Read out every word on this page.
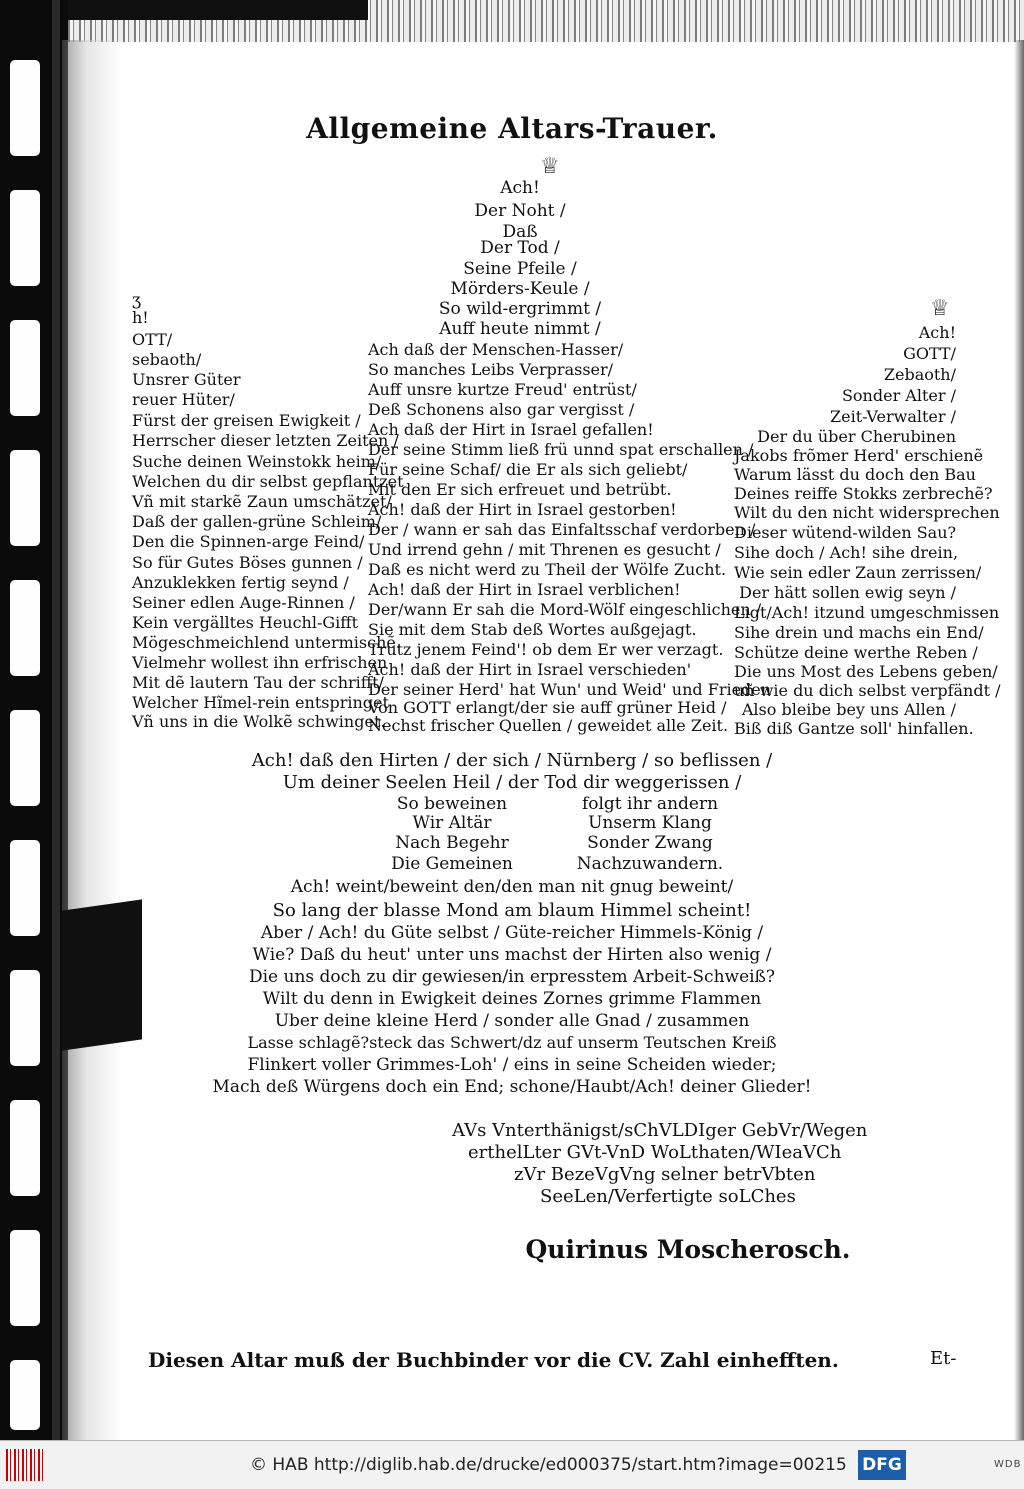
Allgemeine Altars-Trauer.
♕
♕
Ach!
Der Noht /
Daß
Der Tod /
Seine Pfeile /
Mörders-Keule /
So wild-ergrimmt /
Auff heute nimmt /
ʒ
h!
OTT/
sebaoth/
Unsrer Güter
reuer Hüter/
Fürst der greisen Ewigkeit /
Herrscher dieser letzten Zeiten /
Suche deinen Weinstokk heim/
Welchen du dir selbst gepflantzet
Vñ mit starkẽ Zaun umschätzet/
Daß der gallen-grüne Schleim/
Den die Spinnen-arge Feind/
So für Gutes Böses gunnen /
Anzuklekken fertig seynd /
Seiner edlen Auge-Rinnen /
Kein vergälltes Heuchl-Gifft
Mögeschmeichlend untermischẽ.
Vielmehr wollest ihn erfrischen
Mit dẽ lautern Tau der schrifft/
Welcher Hĩmel-rein entspringet
Vñ uns in die Wolkẽ schwinget.
Ach daß der Menschen-Hasser/
So manches Leibs Verprasser/
Auff unsre kurtze Freud' entrüst/
Deß Schonens also gar vergisst /
Ach daß der Hirt in Israel gefallen!
Der seine Stimm ließ frü unnd spat erschallen /
Für seine Schaf/ die Er als sich geliebt/
Mit den Er sich erfreuet und betrübt.
Ach! daß der Hirt in Israel gestorben!
Der / wann er sah das Einfaltsschaf verdorben /
Und irrend gehn / mit Threnen es gesucht /
Daß es nicht werd zu Theil der Wölfe Zucht.
Ach! daß der Hirt in Israel verblichen!
Der/wann Er sah die Mord-Wölf eingeschlichen /
Sie mit dem Stab deß Wortes außgejagt.
Trutz jenem Feind'! ob dem Er wer verzagt.
Ach! daß der Hirt in Israel verschieden'
Der seiner Herd' hat Wun' und Weid' und Frieden
Von GOTT erlangt/der sie auff grüner Heid /
Nechst frischer Quellen / geweidet alle Zeit.
Ach!
GOTT/
Zebaoth/
Sonder Alter /
Zeit-Verwalter /
Der du über Cherubinen
Jakobs frõmer Herd' erschienẽ
Warum lässt du doch den Bau
Deines reiffe Stokks zerbrechẽ?
Wilt du den nicht widersprechen
Dieser wütend-wilden Sau?
Sihe doch / Ach! sihe drein,
Wie sein edler Zaun zerrissen/
Der hätt sollen ewig seyn /
Ligt/Ach! itzund umgeschmissen
Sihe drein und machs ein End/
Schütze deine werthe Reben /
Die uns Most des Lebens geben/
uñ wie du dich selbst verpfändt /
Also bleibe bey uns Allen /
Biß diß Gantze soll' hinfallen.
Ach! daß den Hirten / der sich / Nürnberg / so beflissen /
Um deiner Seelen Heil / der Tod dir weggerissen /
So beweinen	folgt ihr andern
Wir Altär	Unserm Klang
Nach Begehr	Sonder Zwang
Die Gemeinen	Nachzuwandern.
Ach! weint/beweint den/den man nit gnug beweint/
So lang der blasse Mond am blaum Himmel scheint!
Aber / Ach! du Güte selbst / Güte-reicher Himmels-König /
Wie? Daß du heut' unter uns machst der Hirten also wenig /
Die uns doch zu dir gewiesen/in erpresstem Arbeit-Schweiß?
Wilt du denn in Ewigkeit deines Zornes grimme Flammen
Uber deine kleine Herd / sonder alle Gnad / zusammen
Lasse schlagẽ?steck das Schwert/dz auf unserm Teutschen Kreiß
Flinkert voller Grimmes-Loh' / eins in seine Scheiden wieder;
Mach deß Würgens doch ein End; schone/Haubt/Ach! deiner Glieder!
AVs Vnterthänigst/sChVLDIger GebVr/Wegen
erthelLter GVt-VnD WoLthaten/WIeaVCh
zVr BezeVgVng selner betrVbten
SeeLen/Verfertigte soLChes
Quirinus Moscherosch.
Diesen Altar muß der Buchbinder vor die CV. Zahl einhefften.	Et-
© HAB http://diglib.hab.de/drucke/ed000375/start.htm?image=00215 DFG	WDB
